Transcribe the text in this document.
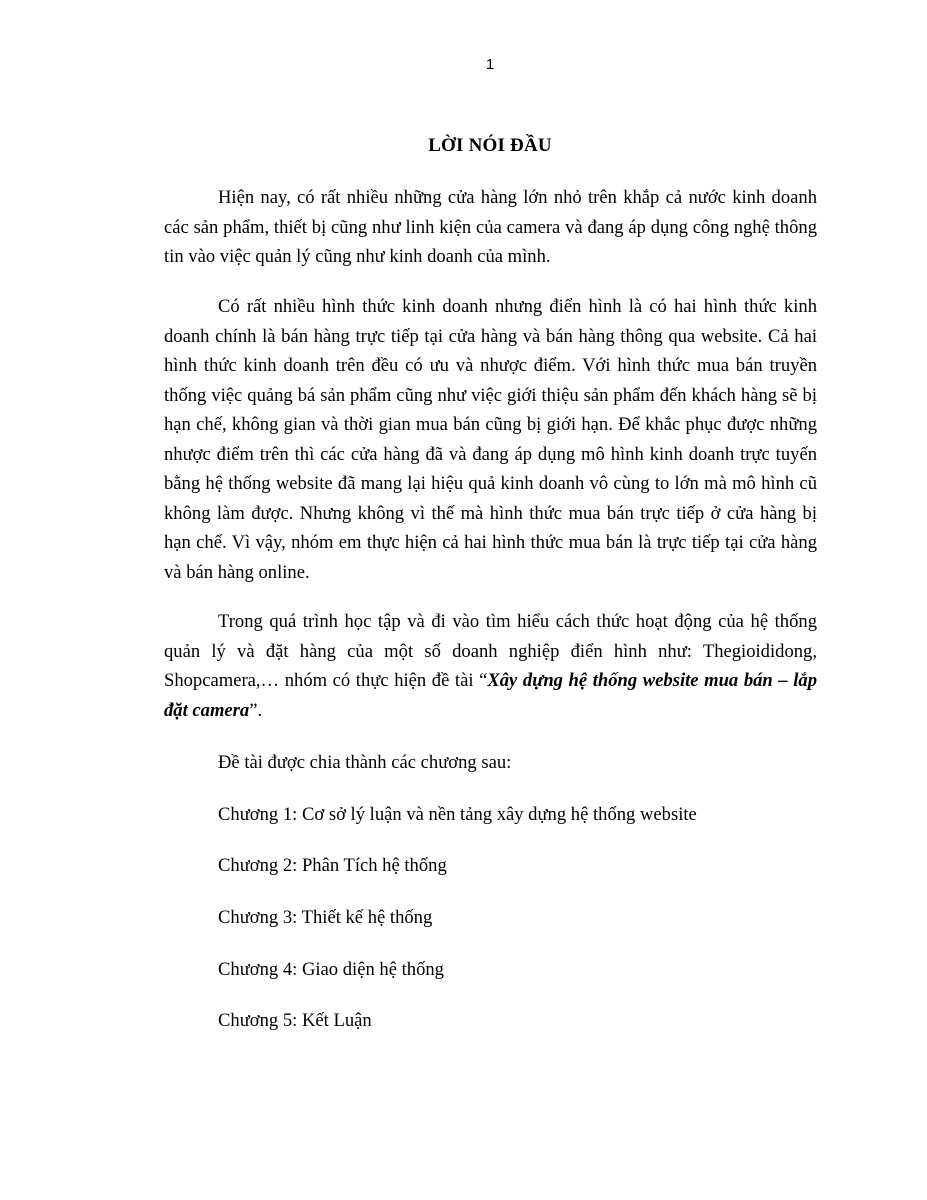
1
LỜI NÓI ĐẦU

Hiện nay, có rất nhiều những cửa hàng lớn nhỏ trên khắp cả nước kinh doanh các sản phẩm, thiết bị cũng như linh kiện của camera và đang áp dụng công nghệ thông tin vào việc quản lý cũng như kinh doanh của mình.

Có rất nhiều hình thức kinh doanh nhưng điển hình là có hai hình thức kinh doanh chính là bán hàng trực tiếp tại cửa hàng và bán hàng thông qua website. Cả hai hình thức kinh doanh trên đều có ưu và nhược điểm. Với hình thức mua bán truyền thống việc quảng bá sản phẩm cũng như việc giới thiệu sản phẩm đến khách hàng sẽ bị hạn chế, không gian và thời gian mua bán cũng bị giới hạn. Để khắc phục được những nhược điểm trên thì các cửa hàng đã và đang áp dụng mô hình kinh doanh trực tuyến bằng hệ thống website đã mang lại hiệu quả kinh doanh vô cùng to lớn mà mô hình cũ không làm được. Nhưng không vì thế mà hình thức mua bán trực tiếp ở cửa hàng bị hạn chế. Vì vậy, nhóm em thực hiện cả hai hình thức mua bán là trực tiếp tại cửa hàng và bán hàng online.

Trong quá trình học tập và đi vào tìm hiểu cách thức hoạt động của hệ thống quản lý và đặt hàng của một số doanh nghiệp điển hình như: Thegioididong, Shopcamera,… nhóm có thực hiện đề tài “Xây dựng hệ thống website mua bán – lắp đặt camera”.

Đề tài được chia thành các chương sau:
Chương 1: Cơ sở lý luận và nền tảng xây dựng hệ thống website
Chương 2: Phân Tích hệ thống
Chương 3: Thiết kế hệ thống
Chương 4: Giao diện hệ thống
Chương 5: Kết Luận
